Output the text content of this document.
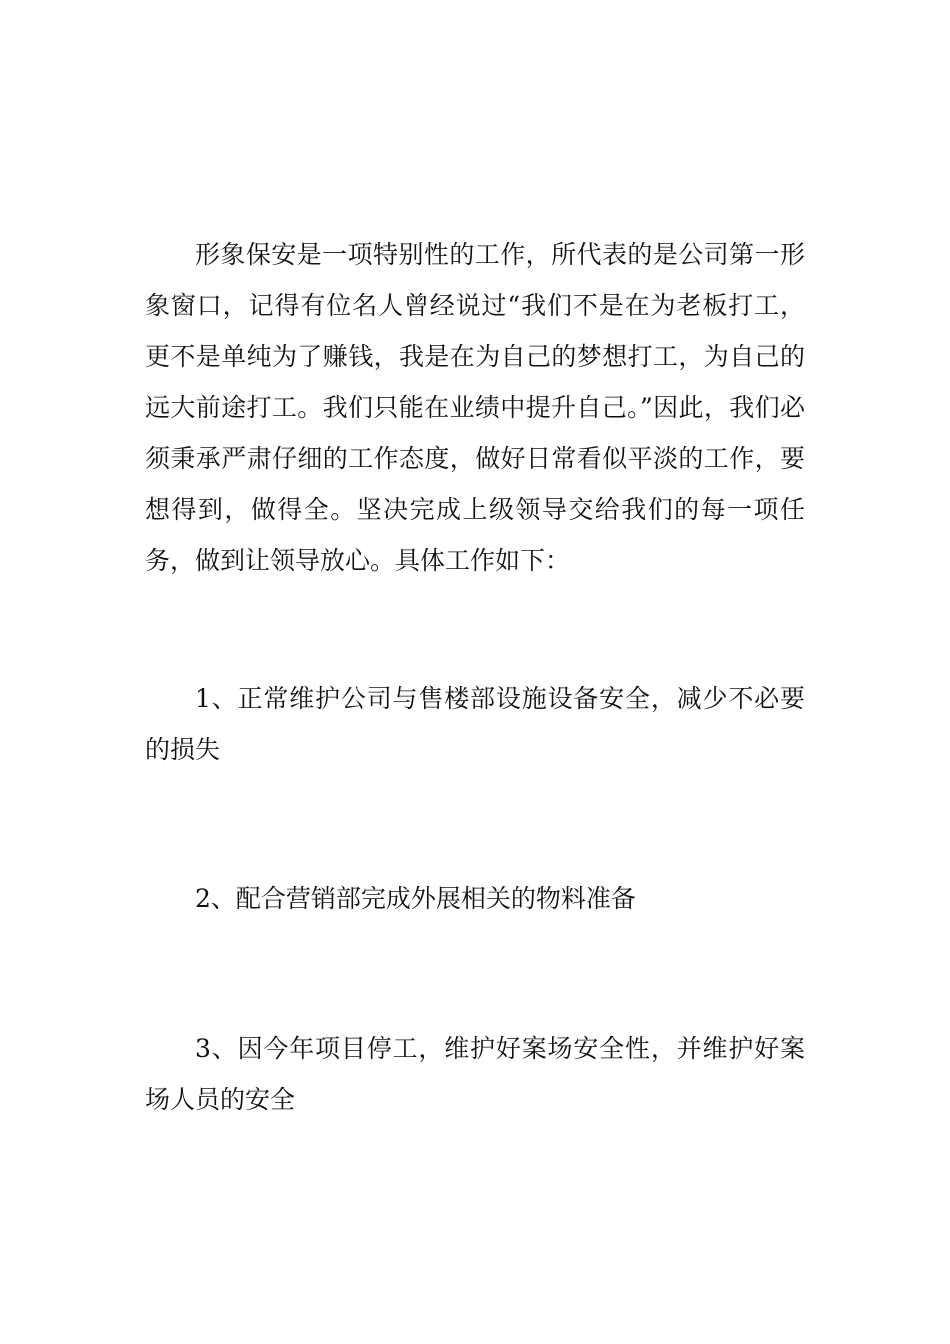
形象保安是一项特别性的工作，所代表的是公司第一形象窗口，记得有位名人曾经说过“我们不是在为老板打工，更不是单纯为了赚钱，我是在为自己的梦想打工，为自己的远大前途打工。我们只能在业绩中提升自己。”因此，我们必须秉承严肃仔细的工作态度，做好日常看似平淡的工作，要想得到，做得全。坚决完成上级领导交给我们的每一项任务，做到让领导放心。具体工作如下：

1、正常维护公司与售楼部设施设备安全，减少不必要的损失

2、配合营销部完成外展相关的物料准备

3、因今年项目停工，维护好案场安全性，并维护好案场人员的安全
